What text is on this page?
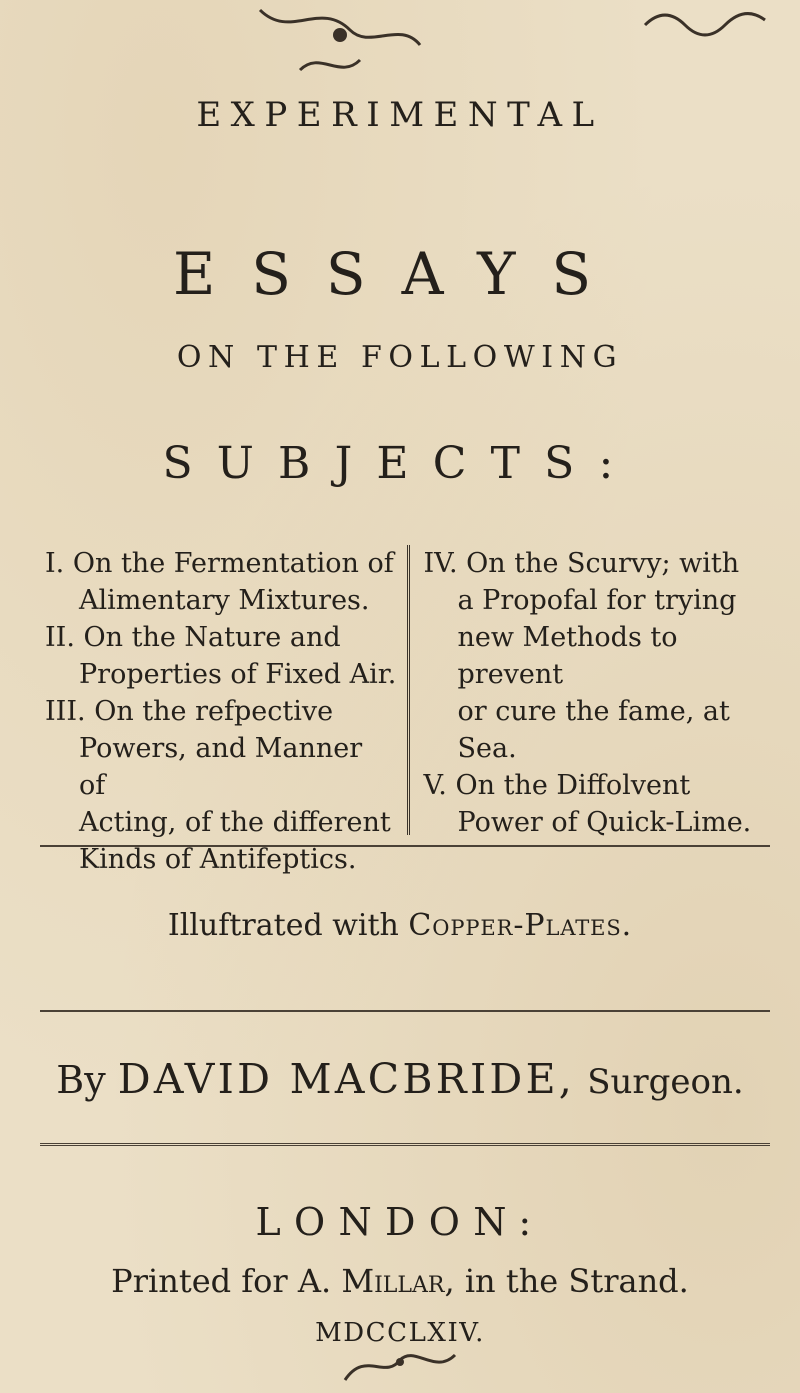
EXPERIMENTAL
ESSAYS
ON THE FOLLOWING
SUBJECTS:

I. On the Fermentation of
Alimentary Mixtures.

II. On the Nature and
Properties of Fixed Air.

III. On the refpective
Powers, and Manner of
Acting, of the different
Kinds of Antifeptics.

IV. On the Scurvy; with
a Propofal for trying
new Methods to prevent
or cure the fame, at
Sea.

V. On the Diffolvent
Power of Quick-Lime.

Illuftrated with Copper-Plates.
By DAVID MACBRIDE, Surgeon.
LONDON:
Printed for A. Millar, in the Strand.
MDCCLXIV.
